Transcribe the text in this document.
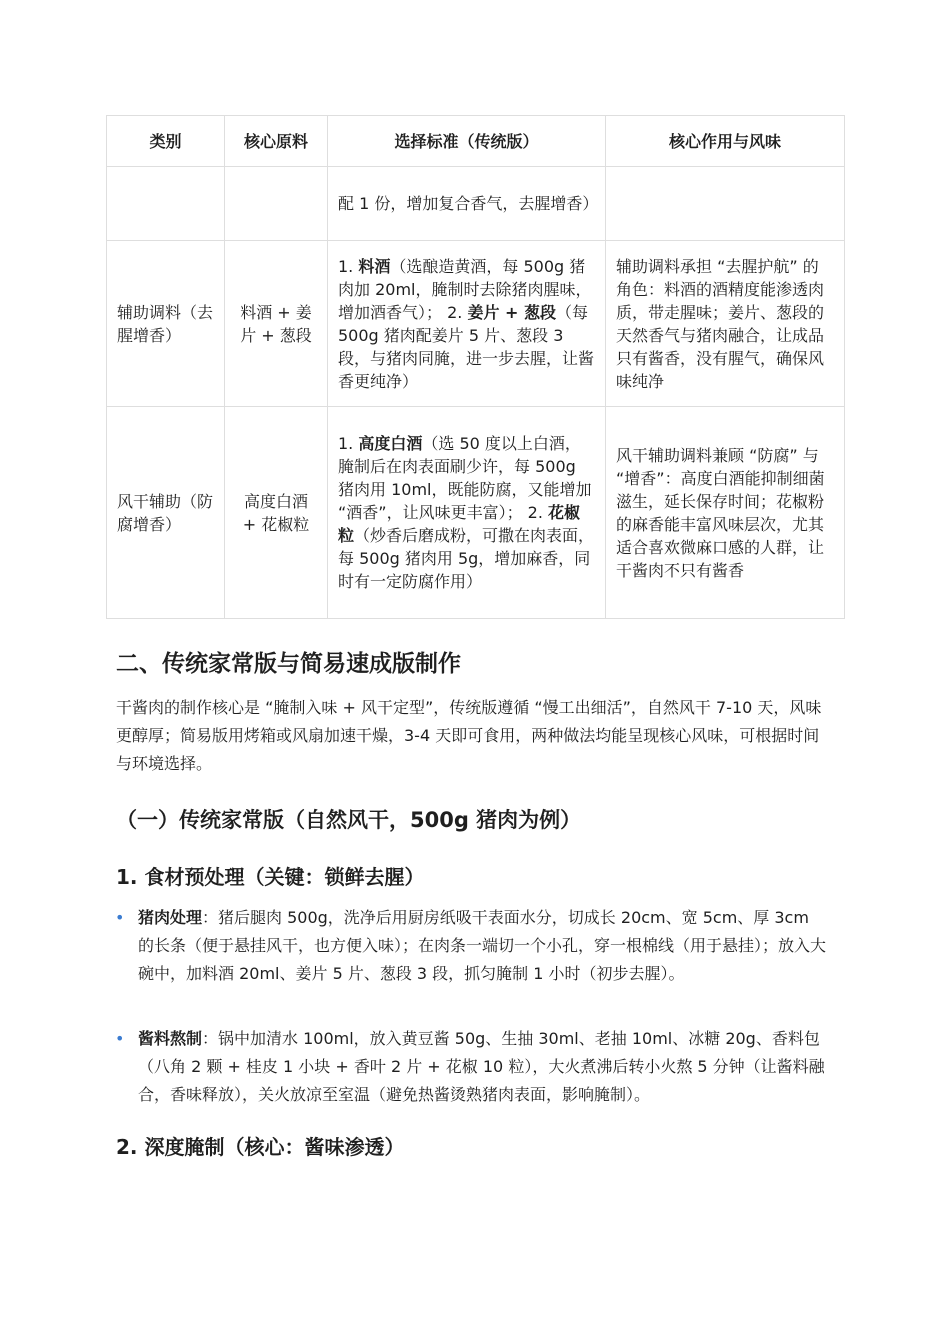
类别	核心原料	选择标准（传统版）	核心作用与风味
		配 1 份，增加复合香气，去腥增香）	
辅助调料（去腥增香）	料酒 + 姜片 + 葱段	1. 料酒（选酿造黄酒，每 500g 猪肉加 20ml，腌制时去除猪肉腥味，增加酒香气）； 2. 姜片 + 葱段（每 500g 猪肉配姜片 5 片、葱段 3 段，与猪肉同腌，进一步去腥，让酱香更纯净）	辅助调料承担 “去腥护航” 的角色：料酒的酒精度能渗透肉质，带走腥味；姜片、葱段的天然香气与猪肉融合，让成品只有酱香，没有腥气，确保风味纯净
风干辅助（防腐增香）	高度白酒 + 花椒粒	1. 高度白酒（选 50 度以上白酒，腌制后在肉表面刷少许，每 500g 猪肉用 10ml，既能防腐，又能增加 “酒香”，让风味更丰富）； 2. 花椒粒（炒香后磨成粉，可撒在肉表面，每 500g 猪肉用 5g，增加麻香，同时有一定防腐作用）	风干辅助调料兼顾 “防腐” 与 “增香”：高度白酒能抑制细菌滋生，延长保存时间；花椒粉的麻香能丰富风味层次，尤其适合喜欢微麻口感的人群，让干酱肉不只有酱香
二、传统家常版与简易速成版制作

干酱肉的制作核心是 “腌制入味 + 风干定型”，传统版遵循 “慢工出细活”，自然风干 7-10 天，风味更醇厚；简易版用烤箱或风扇加速干燥，3-4 天即可食用，两种做法均能呈现核心风味，可根据时间与环境选择。

（一）传统家常版（自然风干，500g 猪肉为例）
1. 食材预处理（关键：锁鲜去腥）

• 猪肉处理：猪后腿肉 500g，洗净后用厨房纸吸干表面水分，切成长 20cm、宽 5cm、厚 3cm 的长条（便于悬挂风干，也方便入味）；在肉条一端切一个小孔，穿一根棉线（用于悬挂）；放入大碗中，加料酒 20ml、姜片 5 片、葱段 3 段，抓匀腌制 1 小时（初步去腥）。

• 酱料熬制：锅中加清水 100ml，放入黄豆酱 50g、生抽 30ml、老抽 10ml、冰糖 20g、香料包（八角 2 颗 + 桂皮 1 小块 + 香叶 2 片 + 花椒 10 粒），大火煮沸后转小火熬 5 分钟（让酱料融合，香味释放），关火放凉至室温（避免热酱烫熟猪肉表面，影响腌制）。

2. 深度腌制（核心：酱味渗透）
